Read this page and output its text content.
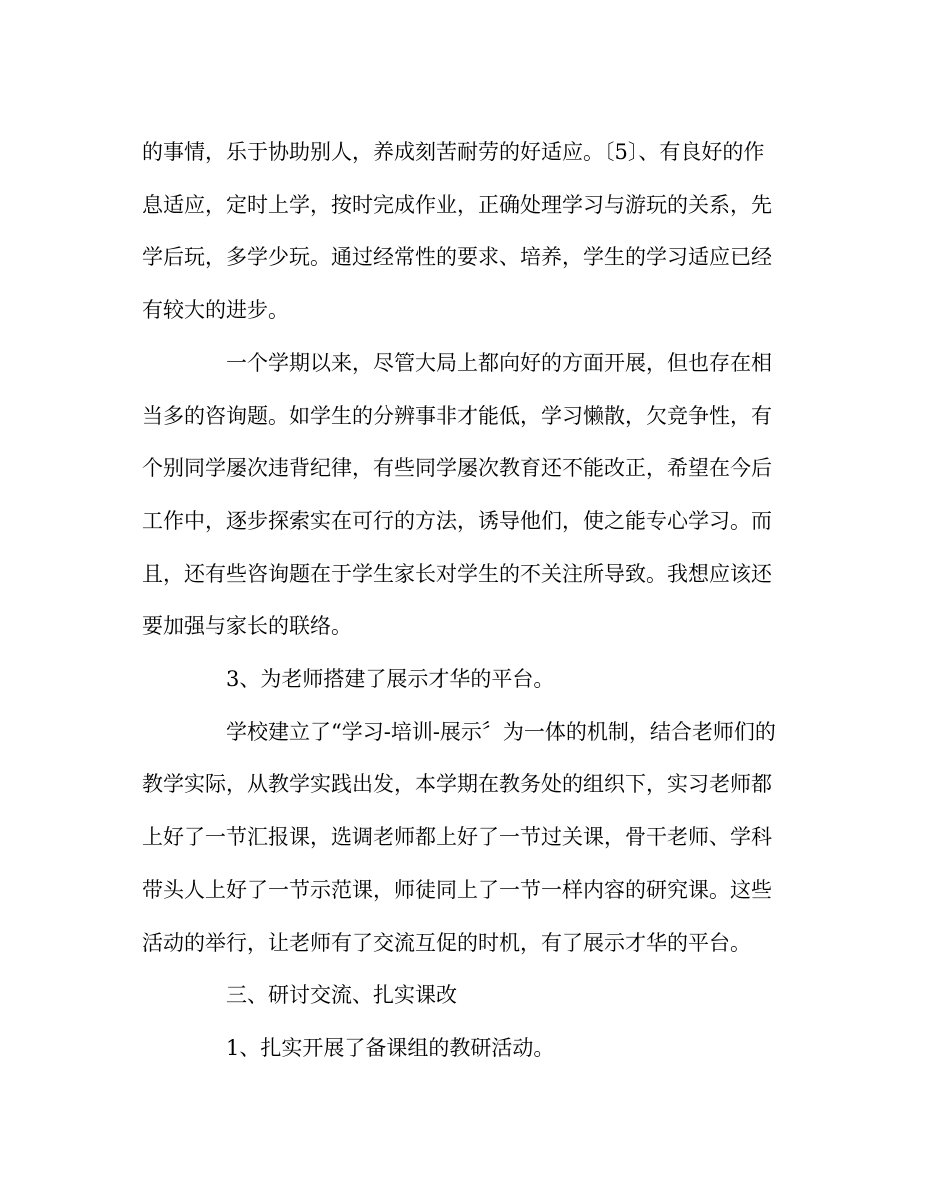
的事情，乐于协助别人，养成刻苦耐劳的好适应。〔5〕、有良好的作
息适应，定时上学，按时完成作业，正确处理学习与游玩的关系，先
学后玩，多学少玩。通过经常性的要求、培养，学生的学习适应已经
有较大的进步。
一个学期以来，尽管大局上都向好的方面开展，但也存在相
当多的咨询题。如学生的分辨事非才能低，学习懒散，欠竞争性，有
个别同学屡次违背纪律，有些同学屡次教育还不能改正，希望在今后
工作中，逐步探索实在可行的方法，诱导他们，使之能专心学习。而
且，还有些咨询题在于学生家长对学生的不关注所导致。我想应该还
要加强与家长的联络。
3、为老师搭建了展示才华的平台。
学校建立了“学习-培训-展示〞为一体的机制，结合老师们的
教学实际，从教学实践出发，本学期在教务处的组织下，实习老师都
上好了一节汇报课，选调老师都上好了一节过关课，骨干老师、学科
带头人上好了一节示范课，师徒同上了一节一样内容的研究课。这些
活动的举行，让老师有了交流互促的时机，有了展示才华的平台。
三、研讨交流、扎实课改
1、扎实开展了备课组的教研活动。
